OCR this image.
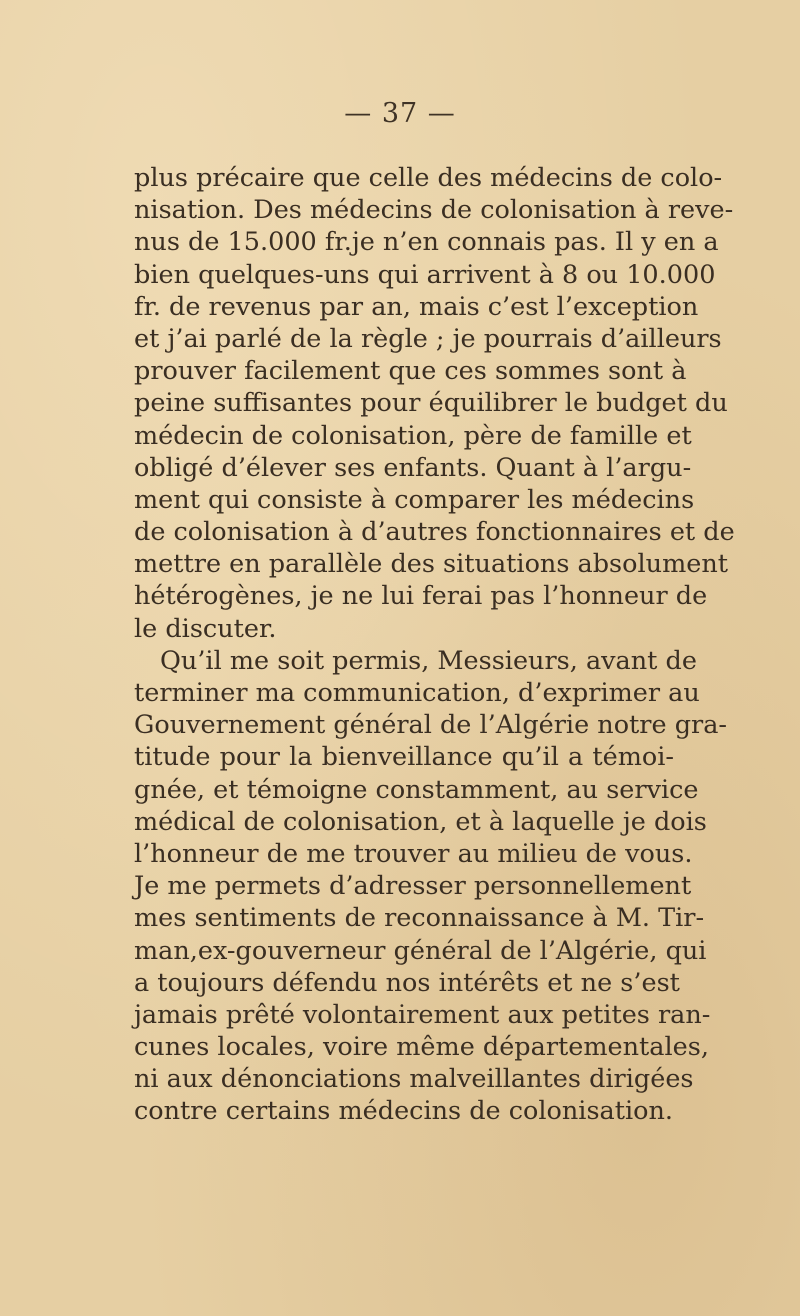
— 37 —
plus précaire que celle des médecins de colo-
nisation. Des médecins de colonisation à reve-
nus de 15.000 fr.je n’en connais pas. Il y en a
bien quelques-uns qui arrivent à 8 ou 10.000
fr. de revenus par an, mais c’est l’exception
et j’ai parlé de la règle ; je pourrais d’ailleurs
prouver facilement que ces sommes sont à
peine suffisantes pour équilibrer le budget du
médecin de colonisation, père de famille et
obligé d’élever ses enfants. Quant à l’argu-
ment qui consiste à comparer les médecins
de colonisation à d’autres fonctionnaires et de
mettre en parallèle des situations absolument
hétérogènes, je ne lui ferai pas l’honneur de
le discuter.
Qu’il me soit permis, Messieurs, avant de
terminer ma communication, d’exprimer au
Gouvernement général de l’Algérie notre gra-
titude pour la bienveillance qu’il a témoi-
gnée, et témoigne constamment, au service
médical de colonisation, et à laquelle je dois
l’honneur de me trouver au milieu de vous.
Je me permets d’adresser personnellement
mes sentiments de reconnaissance à M. Tir-
man,ex-gouverneur général de l’Algérie, qui
a toujours défendu nos intérêts et ne s’est
jamais prêté volontairement aux petites ran-
cunes locales, voire même départementales,
ni aux dénonciations malveillantes dirigées
contre certains médecins de colonisation.
